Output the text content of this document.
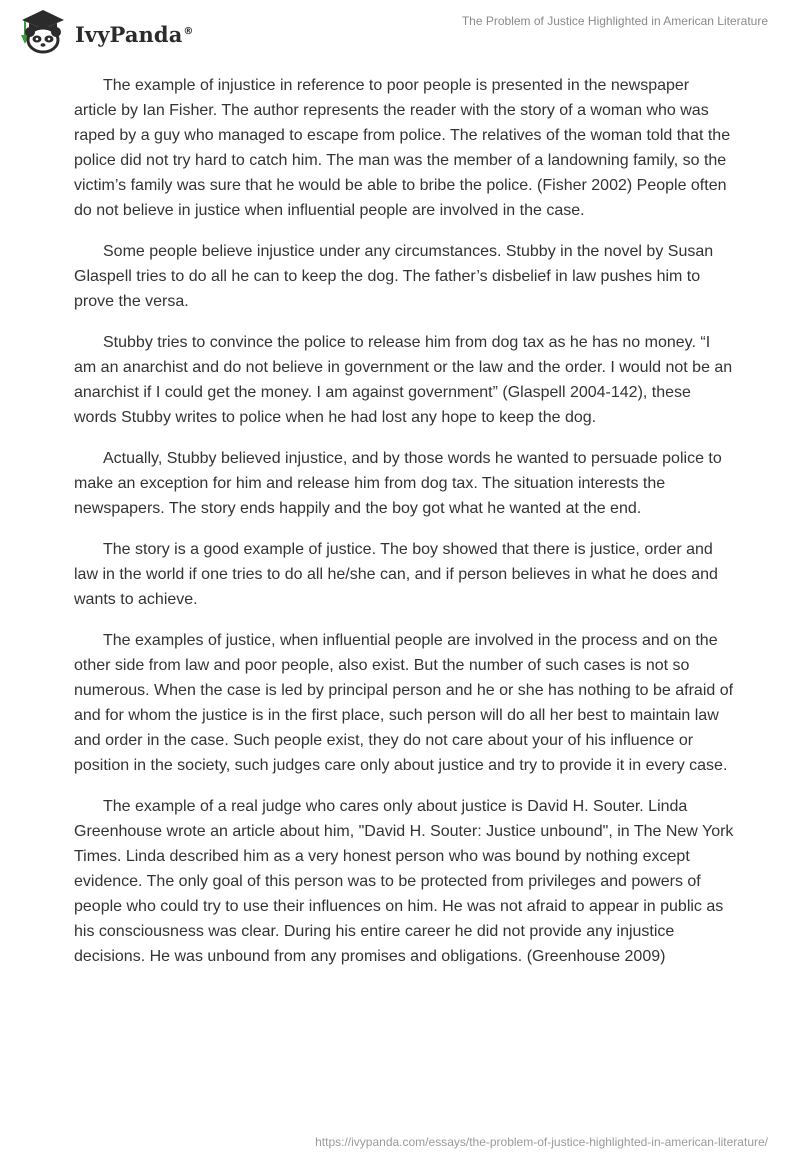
IvyPanda®
The Problem of Justice Highlighted in American Literature

The example of injustice in reference to poor people is presented in the newspaper article by Ian Fisher. The author represents the reader with the story of a woman who was raped by a guy who managed to escape from police. The relatives of the woman told that the police did not try hard to catch him. The man was the member of a landowning family, so the victim’s family was sure that he would be able to bribe the police. (Fisher 2002) People often do not believe in justice when influential people are involved in the case.

Some people believe injustice under any circumstances. Stubby in the novel by Susan Glaspell tries to do all he can to keep the dog. The father’s disbelief in law pushes him to prove the versa.

Stubby tries to convince the police to release him from dog tax as he has no money. “I am an anarchist and do not believe in government or the law and the order. I would not be an anarchist if I could get the money. I am against government” (Glaspell 2004-142), these words Stubby writes to police when he had lost any hope to keep the dog.

Actually, Stubby believed injustice, and by those words he wanted to persuade police to make an exception for him and release him from dog tax. The situation interests the newspapers. The story ends happily and the boy got what he wanted at the end.

The story is a good example of justice. The boy showed that there is justice, order and law in the world if one tries to do all he/she can, and if person believes in what he does and wants to achieve.

The examples of justice, when influential people are involved in the process and on the other side from law and poor people, also exist. But the number of such cases is not so numerous. When the case is led by principal person and he or she has nothing to be afraid of and for whom the justice is in the first place, such person will do all her best to maintain law and order in the case. Such people exist, they do not care about your of his influence or position in the society, such judges care only about justice and try to provide it in every case.

The example of a real judge who cares only about justice is David H. Souter. Linda Greenhouse wrote an article about him, "David H. Souter: Justice unbound", in The New York Times. Linda described him as a very honest person who was bound by nothing except evidence. The only goal of this person was to be protected from privileges and powers of people who could try to use their influences on him. He was not afraid to appear in public as his consciousness was clear. During his entire career he did not provide any injustice decisions. He was unbound from any promises and obligations. (Greenhouse 2009)

https://ivypanda.com/essays/the-problem-of-justice-highlighted-in-american-literature/
